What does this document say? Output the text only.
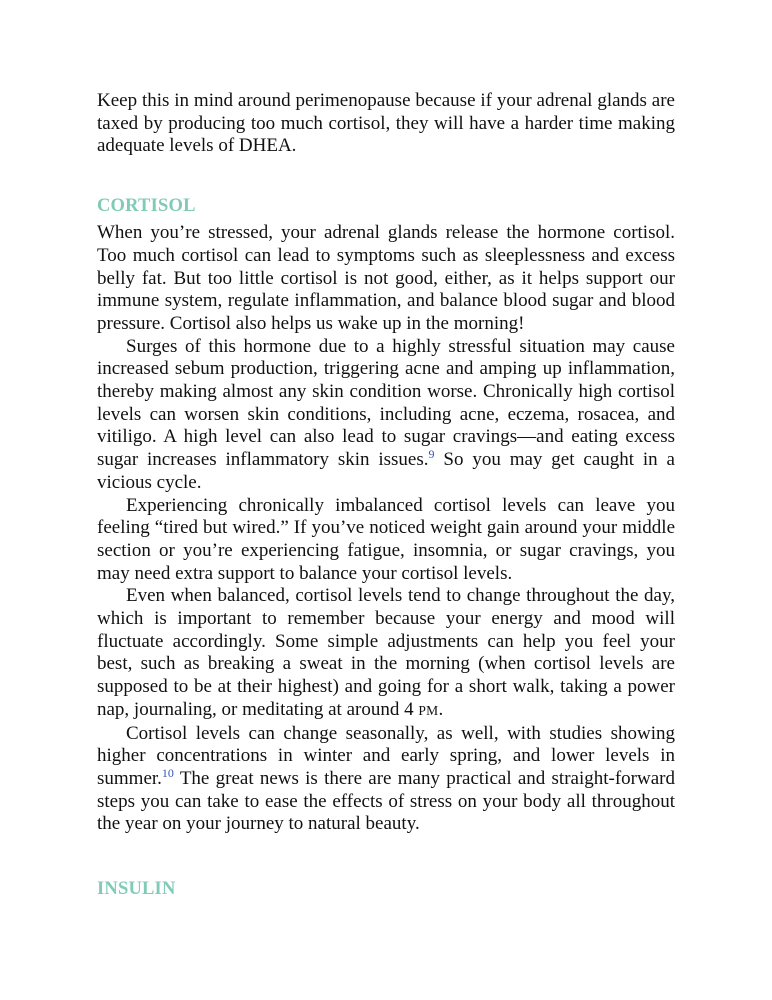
Keep this in mind around perimenopause because if your adrenal glands are taxed by producing too much cortisol, they will have a harder time making adequate levels of DHEA.

CORTISOL

When you’re stressed, your adrenal glands release the hormone cortisol. Too much cortisol can lead to symptoms such as sleeplessness and excess belly fat. But too little cortisol is not good, either, as it helps support our immune system, regulate inflammation, and balance blood sugar and blood pressure. Cortisol also helps us wake up in the morning!

Surges of this hormone due to a highly stressful situation may cause increased sebum production, triggering acne and amping up inflammation, thereby making almost any skin condition worse. Chronically high cortisol levels can worsen skin conditions, including acne, eczema, rosacea, and vitiligo. A high level can also lead to sugar cravings—and eating excess sugar increases inflammatory skin issues.$^9$ So you may get caught in a vicious cycle.

Experiencing chronically imbalanced cortisol levels can leave you feeling “tired but wired.” If you’ve noticed weight gain around your middle section or you’re experiencing fatigue, insomnia, or sugar cravings, you may need extra support to balance your cortisol levels.

Even when balanced, cortisol levels tend to change throughout the day, which is important to remember because your energy and mood will fluctuate accordingly. Some simple adjustments can help you feel your best, such as breaking a sweat in the morning (when cortisol levels are supposed to be at their highest) and going for a short walk, taking a power nap, journaling, or meditating at around 4 PM.

Cortisol levels can change seasonally, as well, with studies showing higher concentrations in winter and early spring, and lower levels in summer.$^{10}$ The great news is there are many practical and straight-forward steps you can take to ease the effects of stress on your body all throughout the year on your journey to natural beauty.

INSULIN
